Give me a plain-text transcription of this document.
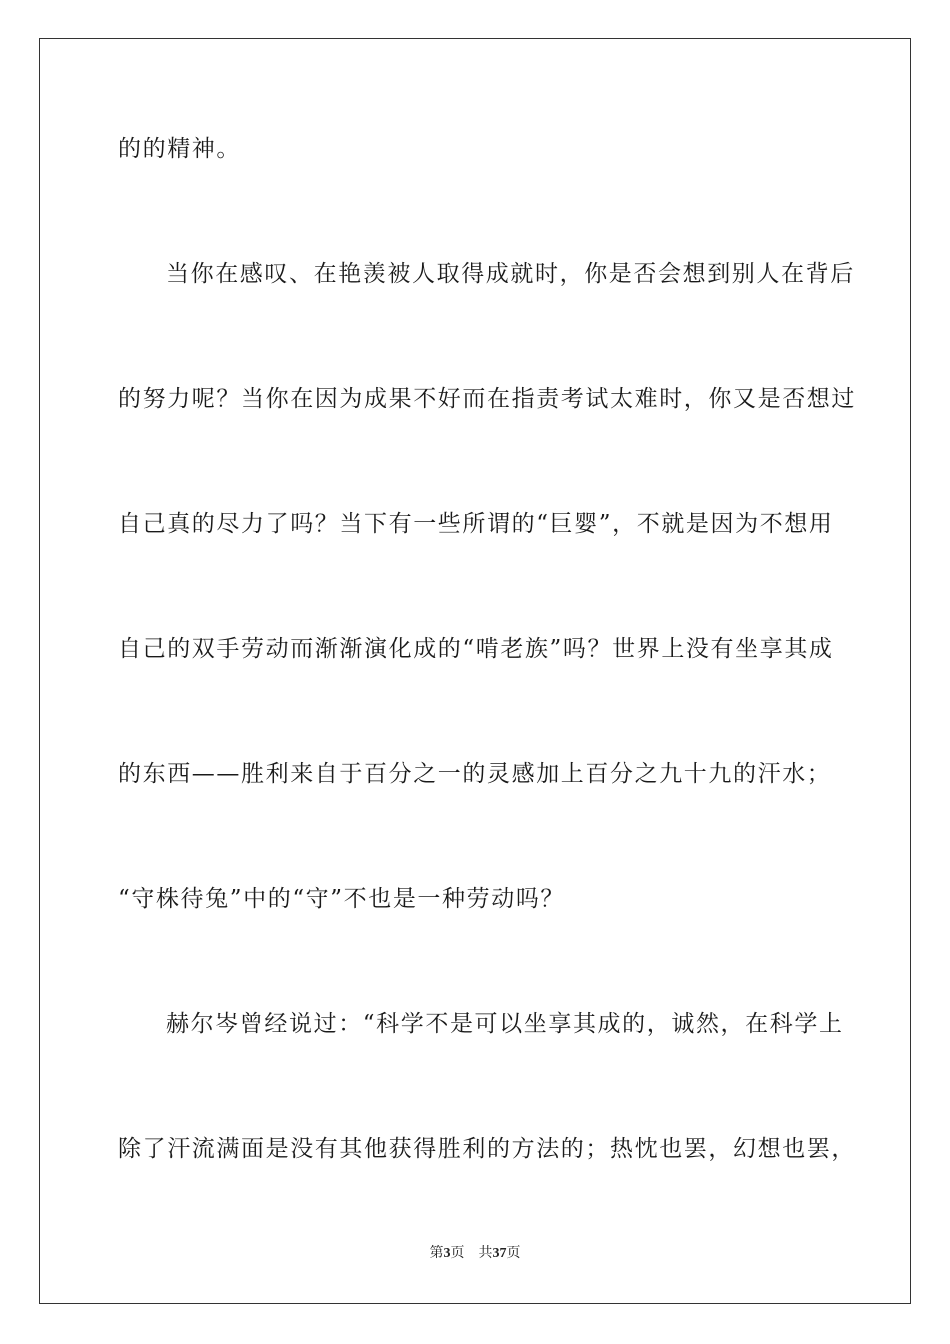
的的精神。
当你在感叹、在艳羡被人取得成就时，你是否会想到别人在背后
的努力呢？当你在因为成果不好而在指责考试太难时，你又是否想过
自己真的尽力了吗？当下有一些所谓的“巨婴”，不就是因为不想用
自己的双手劳动而渐渐演化成的“啃老族”吗？世界上没有坐享其成
的东西——胜利来自于百分之一的灵感加上百分之九十九的汗水；
“守株待兔”中的“守”不也是一种劳动吗？
赫尔岑曾经说过：“科学不是可以坐享其成的，诚然，在科学上
除了汗流满面是没有其他获得胜利的方法的；热忱也罢，幻想也罢，
第3页 共37页
